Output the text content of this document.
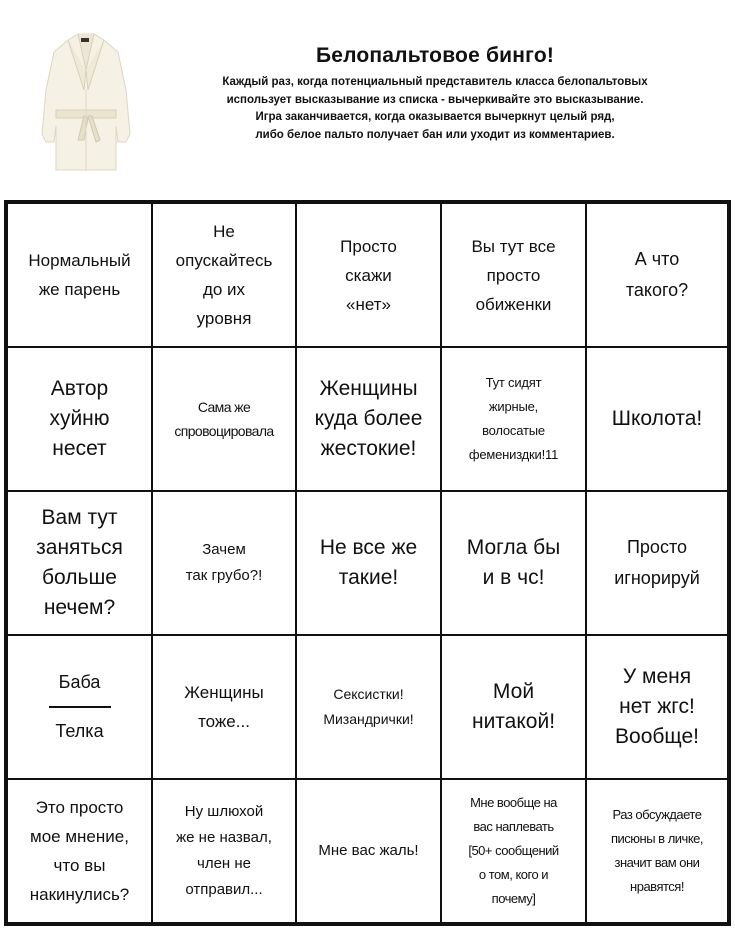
Белопальтовое бинго!
Каждый раз, когда потенциальный представитель класса белопальтовых
использует высказывание из списка - вычеркивайте это высказывание.
Игра заканчивается, когда оказывается вычеркнут целый ряд,
либо белое пальто получает бан или уходит из комментариев.
Нормальный
же парень
Не
опускайтесь
до их
уровня
Просто
скажи
«нет»
Вы тут все
просто
обиженки
А что
такого?
Автор
хуйню
несет
Сама же
спровоцировала
Женщины
куда более
жестокие!
Тут сидят
жирные,
волосатые
фемениздки!11
Школота!
Вам тут
заняться
больше
нечем?
Зачем
так грубо?!
Не все же
такие!
Могла бы
и в чс!
Просто
игнорируй
Баба
Телка
Женщины
тоже...
Сексистки!
Мизандрички!
Мой
нитакой!
У меня
нет жгс!
Вообще!
Это просто
мое мнение,
что вы
накинулись?
Ну шлюхой
же не назвал,
член не
отправил...
Мне вас жаль!
Мне вообще на
вас наплевать
[50+ сообщений
о том, кого и
почему]
Раз обсуждаете
писюны в личке,
значит вам они
нравятся!
